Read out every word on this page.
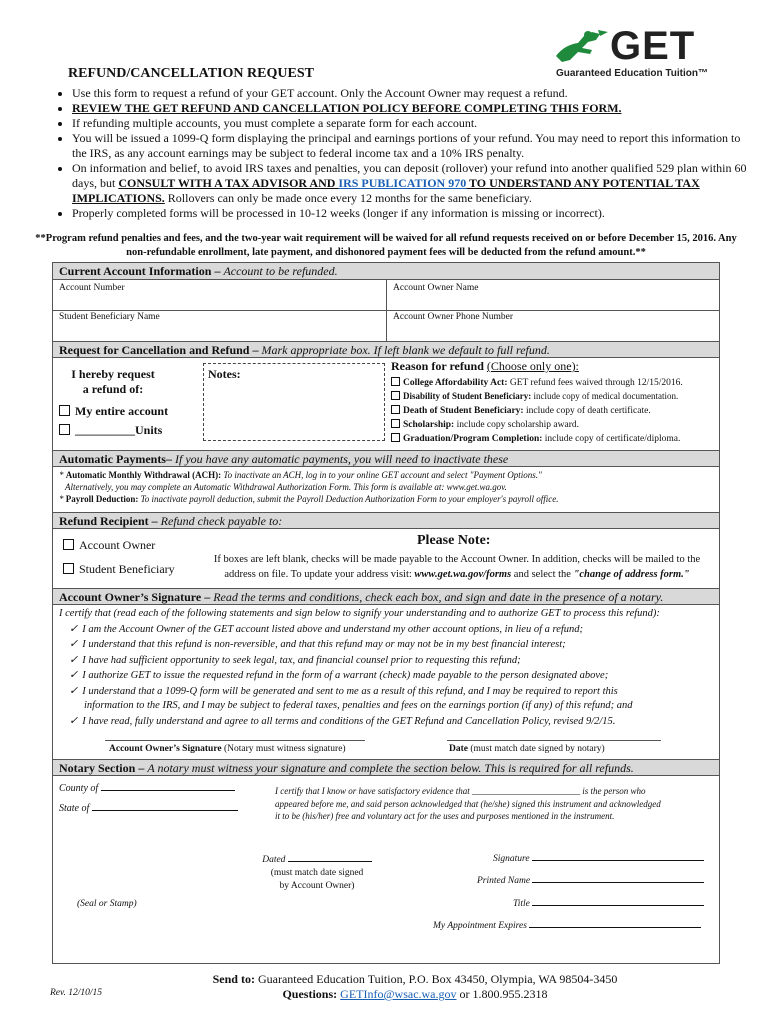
GET
Guaranteed Education Tuition™
REFUND/CANCELLATION REQUEST
• Use this form to request a refund of your GET account. Only the Account Owner may request a refund.
• REVIEW THE GET REFUND AND CANCELLATION POLICY BEFORE COMPLETING THIS FORM.
• If refunding multiple accounts, you must complete a separate form for each account.
• You will be issued a 1099-Q form displaying the principal and earnings portions of your refund. You may need to report this information to the IRS, as any account earnings may be subject to federal income tax and a 10% IRS penalty.
• On information and belief, to avoid IRS taxes and penalties, you can deposit (rollover) your refund into another qualified 529 plan within 60 days, but CONSULT WITH A TAX ADVISOR AND IRS PUBLICATION 970 TO UNDERSTAND ANY POTENTIAL TAX IMPLICATIONS. Rollovers can only be made once every 12 months for the same beneficiary.
• Properly completed forms will be processed in 10-12 weeks (longer if any information is missing or incorrect).
**Program refund penalties and fees, and the two-year wait requirement will be waived for all refund requests received on or before December 15, 2016. Any non-refundable enrollment, late payment, and dishonored payment fees will be deducted from the refund amount.**
Current Account Information – Account to be refunded.
Account Number	Account Owner Name
Student Beneficiary Name	Account Owner Phone Number
Request for Cancellation and Refund – Mark appropriate box. If left blank we default to full refund.
I hereby request
a refund of:
My entire account
__________Units
Notes:
Reason for refund (Choose only one):
College Affordability Act: GET refund fees waived through 12/15/2016.
Disability of Student Beneficiary: include copy of medical documentation.
Death of Student Beneficiary: include copy of death certificate.
Scholarship: include copy scholarship award.
Graduation/Program Completion: include copy of certificate/diploma.
Automatic Payments– If you have any automatic payments, you will need to inactivate these
* Automatic Monthly Withdrawal (ACH): To inactivate an ACH, log in to your online GET account and select "Payment Options."
Alternatively, you may complete an Automatic Withdrawal Authorization Form. This form is available at: www.get.wa.gov.
* Payroll Deduction: To inactivate payroll deduction, submit the Payroll Deduction Authorization Form to your employer's payroll office.
Refund Recipient – Refund check payable to:
Account Owner
Student Beneficiary
Please Note:
If boxes are left blank, checks will be made payable to the Account Owner. In addition, checks will be mailed to the
address on file. To update your address visit: www.get.wa.gov/forms and select the "change of address form."
Account Owner’s Signature – Read the terms and conditions, check each box, and sign and date in the presence of a notary.
I certify that (read each of the following statements and sign below to signify your understanding and to authorize GET to process this refund):
✓ I am the Account Owner of the GET account listed above and understand my other account options, in lieu of a refund;
✓ I understand that this refund is non-reversible, and that this refund may or may not be in my best financial interest;
✓ I have had sufficient opportunity to seek legal, tax, and financial counsel prior to requesting this refund;
✓ I authorize GET to issue the requested refund in the form of a warrant (check) made payable to the person designated above;
✓ I understand that a 1099-Q form will be generated and sent to me as a result of this refund, and I may be required to report this
information to the IRS, and I may be subject to federal taxes, penalties and fees on the earnings portion (if any) of this refund; and
✓ I have read, fully understand and agree to all terms and conditions of the GET Refund and Cancellation Policy, revised 9/2/15.
Account Owner’s Signature (Notary must witness signature)	Date (must match date signed by notary)
Notary Section – A notary must witness your signature and complete the section below. This is required for all refunds.
County of
State of
I certify that I know or have satisfactory evidence that ________________________ is the person who
appeared before me, and said person acknowledged that (he/she) signed this instrument and acknowledged
it to be (his/her) free and voluntary act for the uses and purposes mentioned in the instrument.
Dated
(must match date signed
by Account Owner)
Signature
Printed Name
(Seal or Stamp)	Title
My Appointment Expires
Rev. 12/10/15
Send to: Guaranteed Education Tuition, P.O. Box 43450, Olympia, WA 98504-3450
Questions: GETInfo@wsac.wa.gov or 1.800.955.2318
